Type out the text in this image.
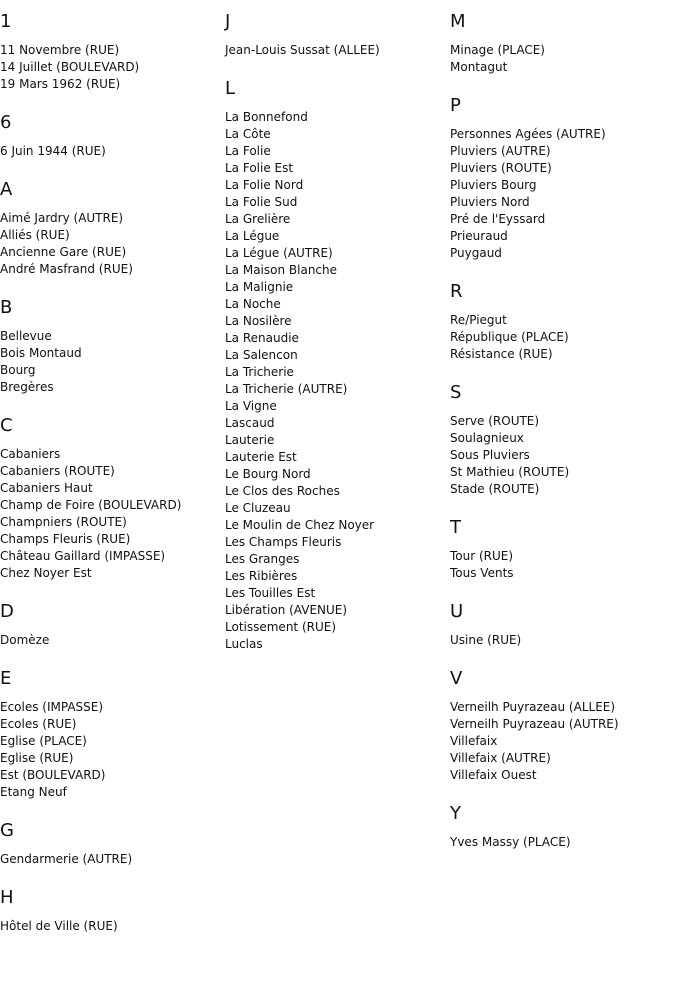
1
11 Novembre (RUE)
14 Juillet (BOULEVARD)
19 Mars 1962 (RUE)
6
6 Juin 1944 (RUE)
A
Aimé Jardry (AUTRE)
Alliés (RUE)
Ancienne Gare (RUE)
André Masfrand (RUE)
B
Bellevue
Bois Montaud
Bourg
Bregères
C
Cabaniers
Cabaniers (ROUTE)
Cabaniers Haut
Champ de Foire (BOULEVARD)
Champniers (ROUTE)
Champs Fleuris (RUE)
Château Gaillard (IMPASSE)
Chez Noyer Est
D
Domèze
E
Ecoles (IMPASSE)
Ecoles (RUE)
Eglise (PLACE)
Eglise (RUE)
Est (BOULEVARD)
Etang Neuf
G
Gendarmerie (AUTRE)
H
Hôtel de Ville (RUE)
J
Jean-Louis Sussat (ALLEE)
L
La Bonnefond
La Côte
La Folie
La Folie Est
La Folie Nord
La Folie Sud
La Grelière
La Légue
La Légue (AUTRE)
La Maison Blanche
La Malignie
La Noche
La Nosilère
La Renaudie
La Salencon
La Tricherie
La Tricherie (AUTRE)
La Vigne
Lascaud
Lauterie
Lauterie Est
Le Bourg Nord
Le Clos des Roches
Le Cluzeau
Le Moulin de Chez Noyer
Les Champs Fleuris
Les Granges
Les Ribières
Les Touilles Est
Libération (AVENUE)
Lotissement (RUE)
Luclas
M
Minage (PLACE)
Montagut
P
Personnes Agées (AUTRE)
Pluviers (AUTRE)
Pluviers (ROUTE)
Pluviers Bourg
Pluviers Nord
Pré de l'Eyssard
Prieuraud
Puygaud
R
Re/Piegut
République (PLACE)
Résistance (RUE)
S
Serve (ROUTE)
Soulagnieux
Sous Pluviers
St Mathieu (ROUTE)
Stade (ROUTE)
T
Tour (RUE)
Tous Vents
U
Usine (RUE)
V
Verneilh Puyrazeau (ALLEE)
Verneilh Puyrazeau (AUTRE)
Villefaix
Villefaix (AUTRE)
Villefaix Ouest
Y
Yves Massy (PLACE)
